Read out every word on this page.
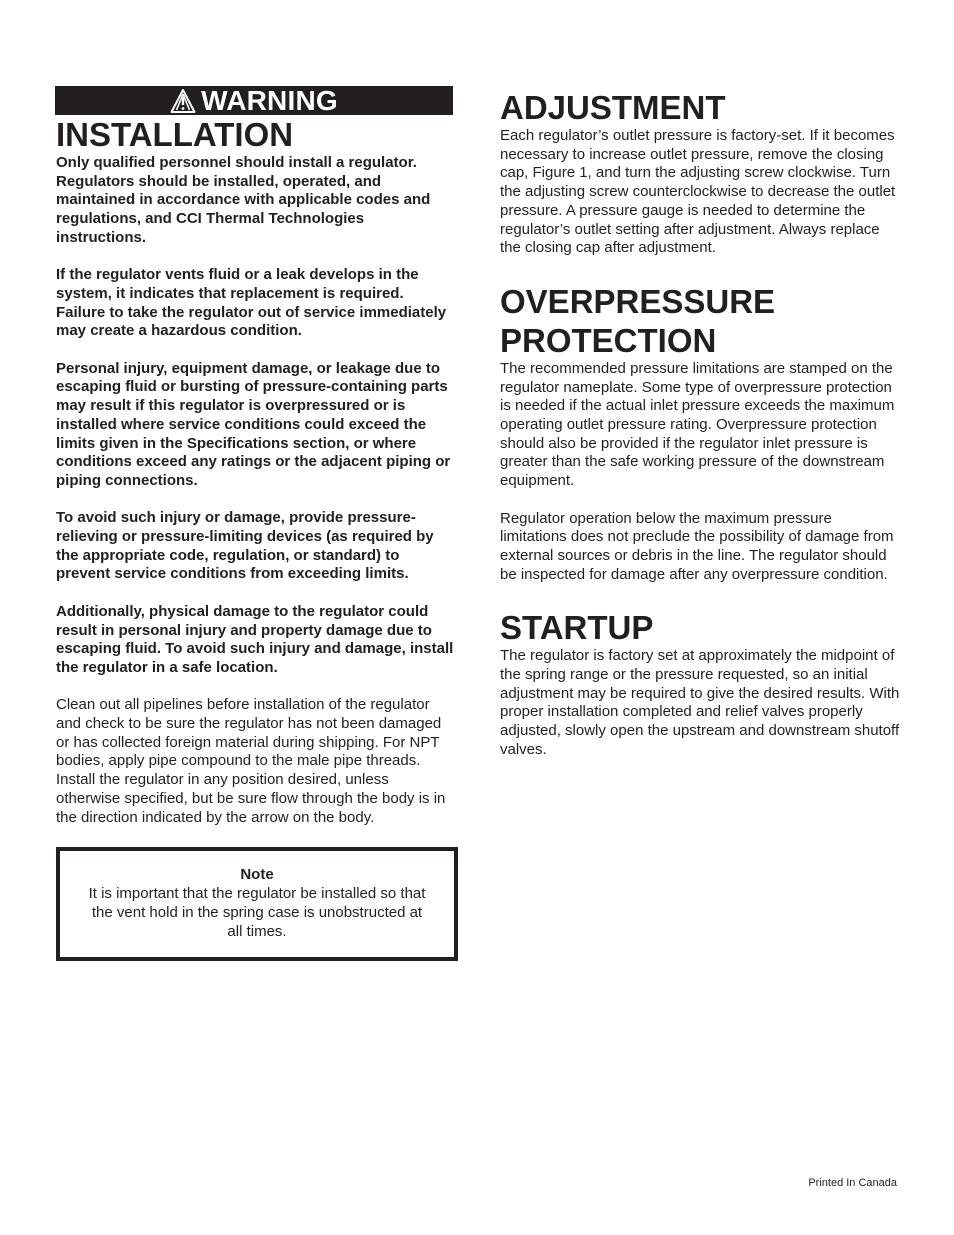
WARNING
INSTALLATION

Only qualified personnel should install a regulator. Regulators should be installed, operated, and maintained in accordance with applicable codes and regulations, and CCI Thermal Technologies instructions.

If the regulator vents fluid or a leak develops in the system, it indicates that replacement is required. Failure to take the regulator out of service immediately may create a hazardous condition.

Personal injury, equipment damage, or leakage due to escaping fluid or bursting of pressure-containing parts may result if this regulator is overpressured or is installed where service conditions could exceed the limits given in the Specifications section, or where conditions exceed any ratings or the adjacent piping or piping connections.

To avoid such injury or damage, provide pressure-relieving or pressure-limiting devices (as required by the appropriate code, regulation, or standard) to prevent service conditions from exceeding limits.

Additionally, physical damage to the regulator could result in personal injury and property damage due to escaping fluid. To avoid such injury and damage, install the regulator in a safe location.

Clean out all pipelines before installation of the regulator and check to be sure the regulator has not been damaged or has collected foreign material during shipping. For NPT bodies, apply pipe compound to the male pipe threads. Install the regulator in any position desired, unless otherwise specified, but be sure flow through the body is in the direction indicated by the arrow on the body.

Note
It is important that the regulator be installed so that the vent hold in the spring case is unobstructed at all times.
ADJUSTMENT

Each regulator’s outlet pressure is factory-set. If it becomes necessary to increase outlet pressure, remove the closing cap, Figure 1, and turn the adjusting screw clockwise. Turn the adjusting screw counterclockwise to decrease the outlet pressure. A pressure gauge is needed to determine the regulator’s outlet setting after adjustment. Always replace the closing cap after adjustment.

OVERPRESSURE PROTECTION

The recommended pressure limitations are stamped on the regulator nameplate. Some type of overpressure protection is needed if the actual inlet pressure exceeds the maximum operating outlet pressure rating. Overpressure protection should also be provided if the regulator inlet pressure is greater than the safe working pressure of the downstream equipment.

Regulator operation below the maximum pressure limitations does not preclude the possibility of damage from external sources or debris in the line. The regulator should be inspected for damage after any overpressure condition.

STARTUP

The regulator is factory set at approximately the midpoint of the spring range or the pressure requested, so an initial adjustment may be required to give the desired results. With proper installation completed and relief valves properly adjusted, slowly open the upstream and downstream shutoff valves.

Printed In Canada
